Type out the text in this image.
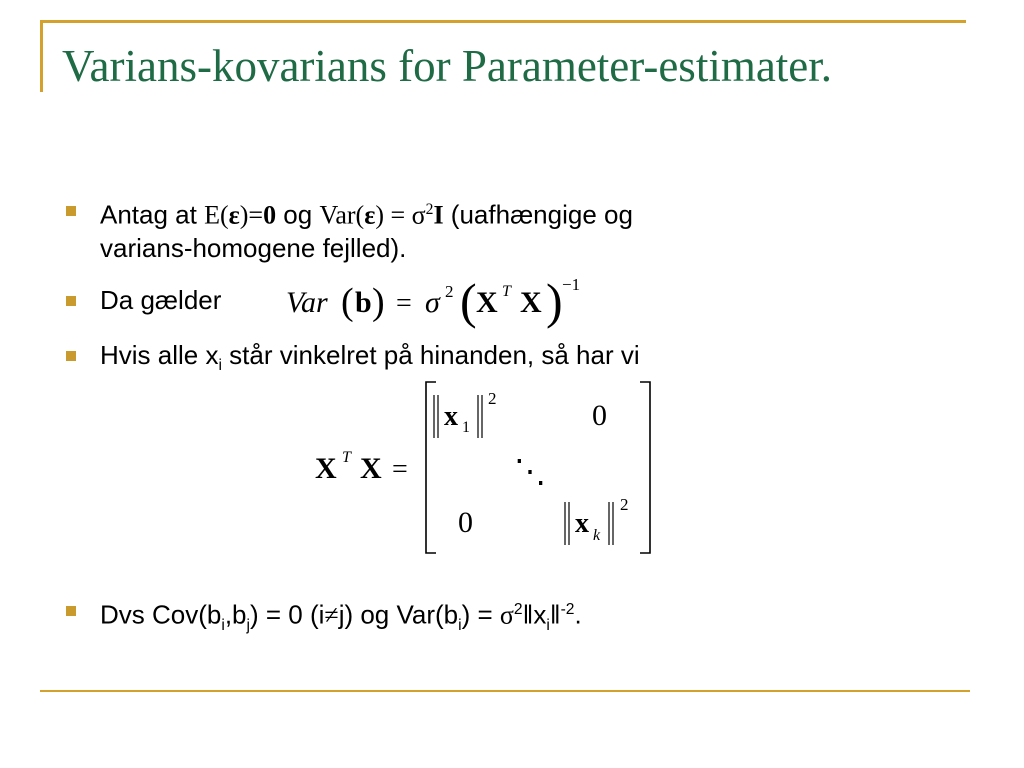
Varians-kovarians for Parameter-estimater.
Antag at E(ε)=0 og $Var(\varepsilon) = \sigma^2I$ (uafhængige og
varians-homogene fejlled).
Da gælder
Hvis alle $x_i$ står vinkelret på hinanden, så har vi
Dvs $Cov(b_i,b_j) = 0$ (i≠j) og $Var(b_i)$ = $\sigma^2‖x_i‖^{-2}$.
Var ( b ) = σ 2 ( X T X ) −1
X T X =
x 1
2
0
⋱
0	x k
2
